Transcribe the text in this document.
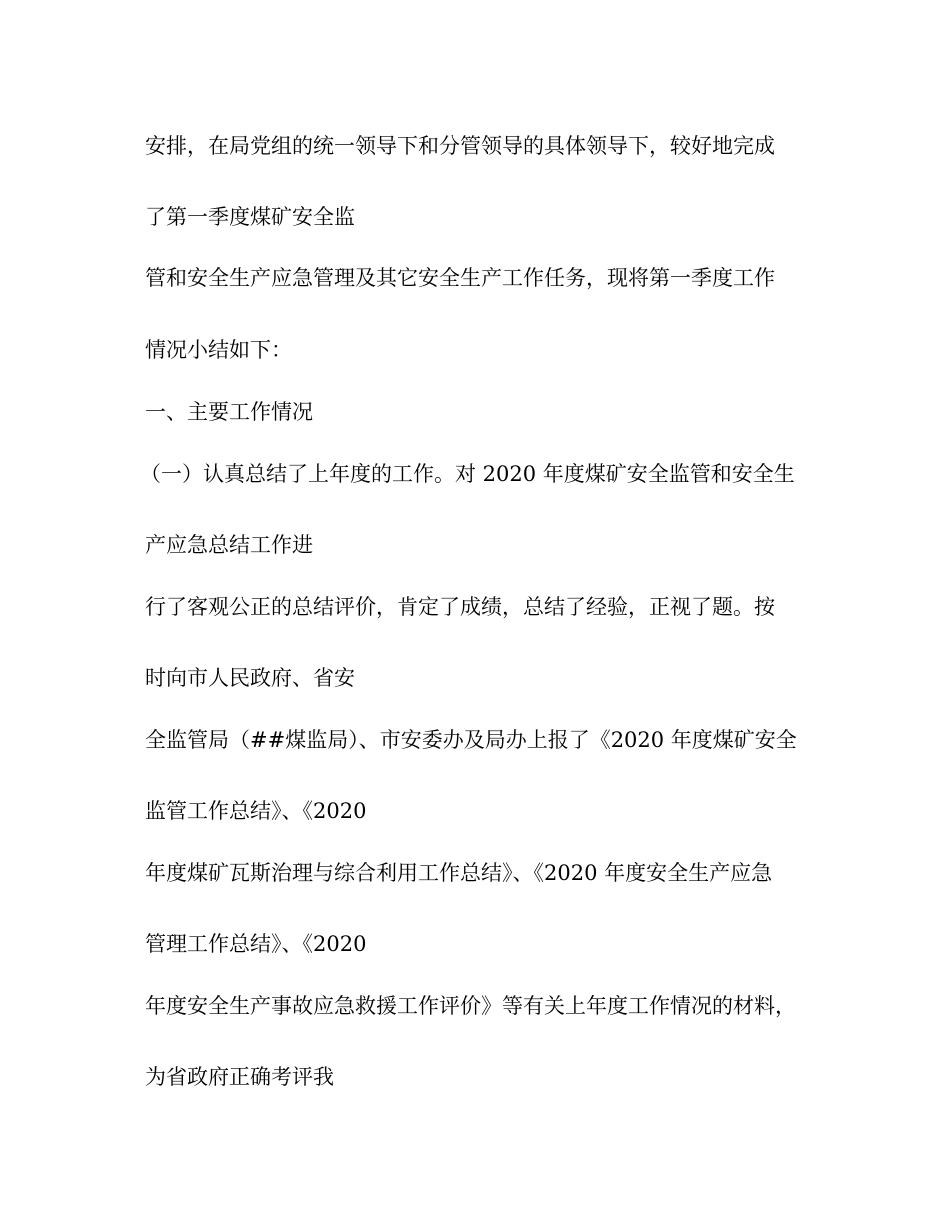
安排，在局党组的统一领导下和分管领导的具体领导下，较好地完成
了第一季度煤矿安全监
管和安全生产应急管理及其它安全生产工作任务，现将第一季度工作
情况小结如下：
一、主要工作情况
（一）认真总结了上年度的工作。对 2020 年度煤矿安全监管和安全生
产应急总结工作进
行了客观公正的总结评价，肯定了成绩，总结了经验，正视了题。按
时向市人民政府、省安
全监管局（##煤监局）、市安委办及局办上报了《2020 年度煤矿安全
监管工作总结》、《2020
年度煤矿瓦斯治理与综合利用工作总结》、《2020 年度安全生产应急
管理工作总结》、《2020
年度安全生产事故应急救援工作评价》等有关上年度工作情况的材料，
为省政府正确考评我
